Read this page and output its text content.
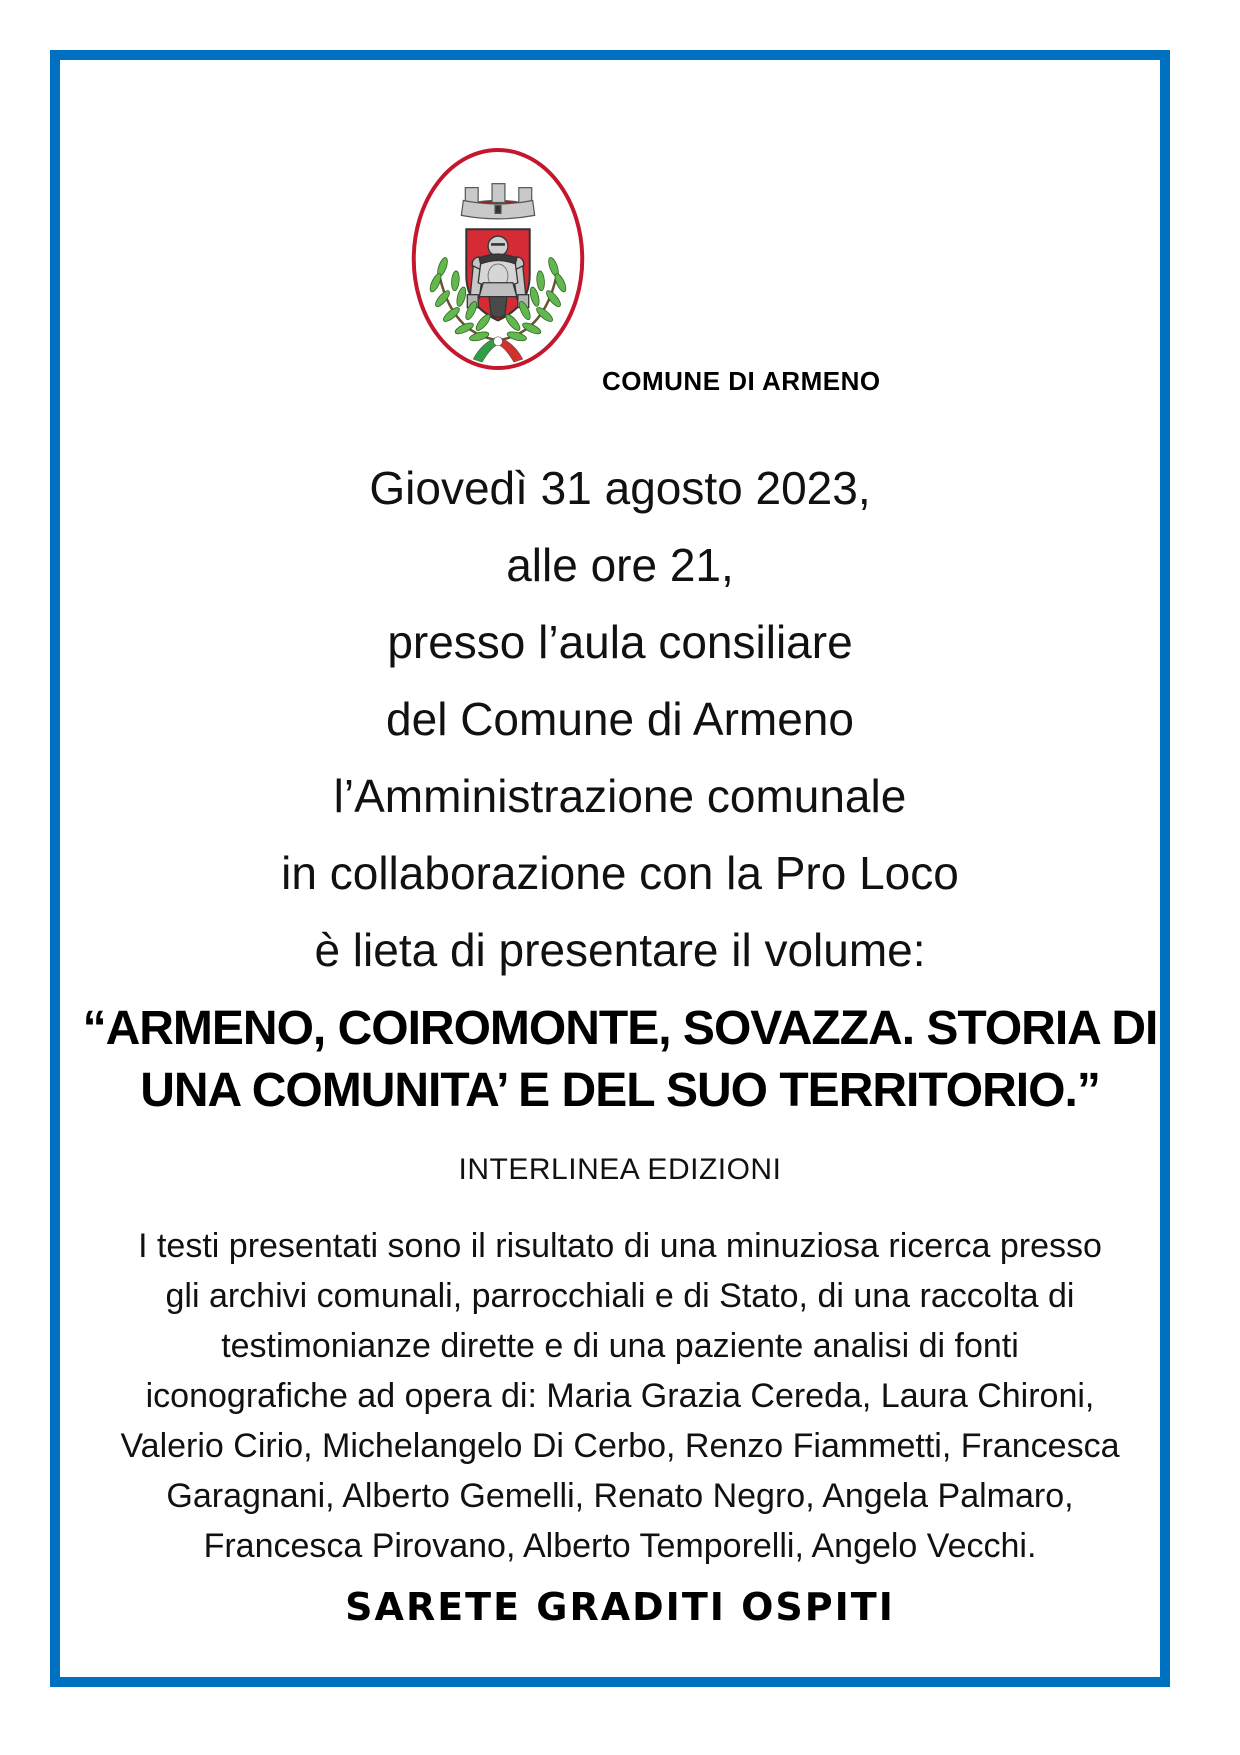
COMUNE DI ARMENO
Giovedì 31 agosto 2023,
alle ore 21,
presso l’aula consiliare
del Comune di Armeno
l’Amministrazione comunale
in collaborazione con la Pro Loco
è lieta di presentare il volume:
“ARMENO, COIROMONTE, SOVAZZA. STORIA DI
UNA COMUNITA’ E DEL SUO TERRITORIO.”
INTERLINEA EDIZIONI
I testi presentati sono il risultato di una minuziosa ricerca presso
gli archivi comunali, parrocchiali e di Stato, di una raccolta di
testimonianze dirette e di una paziente analisi di fonti
iconografiche ad opera di: Maria Grazia Cereda, Laura Chironi,
Valerio Cirio, Michelangelo Di Cerbo, Renzo Fiammetti, Francesca
Garagnani, Alberto Gemelli, Renato Negro, Angela Palmaro,
Francesca Pirovano, Alberto Temporelli, Angelo Vecchi.
SARETE GRADITI OSPITI
